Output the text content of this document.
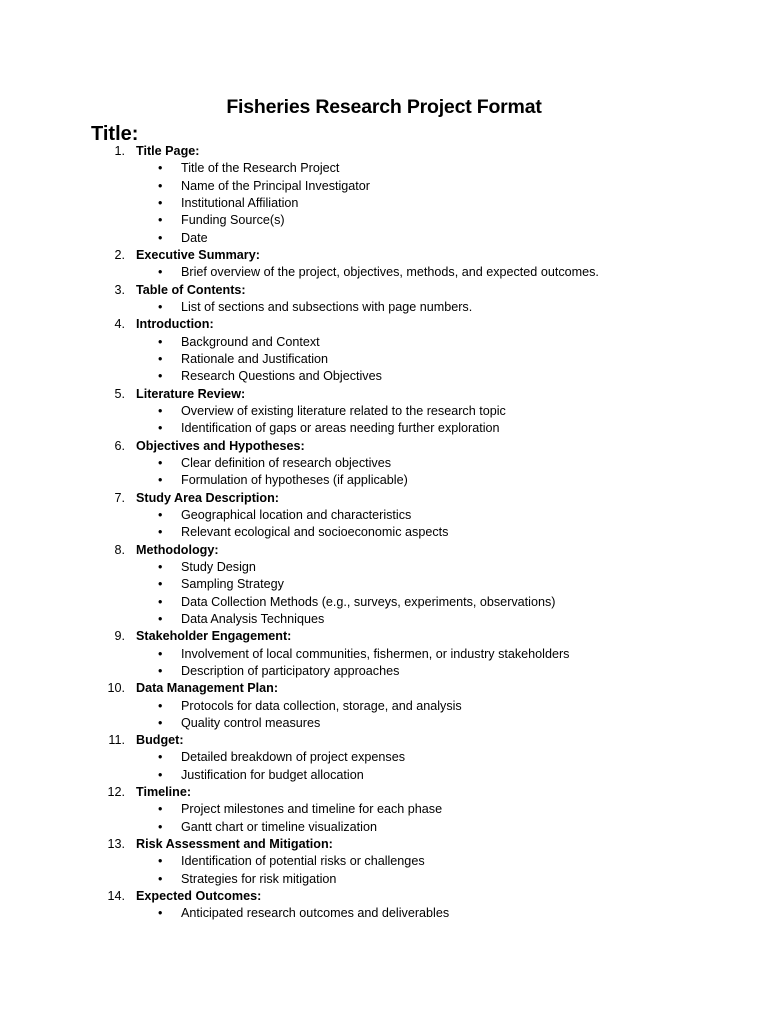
Fisheries Research Project Format
Title:
1. Title Page:
• Title of the Research Project
• Name of the Principal Investigator
• Institutional Affiliation
• Funding Source(s)
• Date
2. Executive Summary:
• Brief overview of the project, objectives, methods, and expected outcomes.
3. Table of Contents:
• List of sections and subsections with page numbers.
4. Introduction:
• Background and Context
• Rationale and Justification
• Research Questions and Objectives
5. Literature Review:
• Overview of existing literature related to the research topic
• Identification of gaps or areas needing further exploration
6. Objectives and Hypotheses:
• Clear definition of research objectives
• Formulation of hypotheses (if applicable)
7. Study Area Description:
• Geographical location and characteristics
• Relevant ecological and socioeconomic aspects
8. Methodology:
• Study Design
• Sampling Strategy
• Data Collection Methods (e.g., surveys, experiments, observations)
• Data Analysis Techniques
9. Stakeholder Engagement:
• Involvement of local communities, fishermen, or industry stakeholders
• Description of participatory approaches
10. Data Management Plan:
• Protocols for data collection, storage, and analysis
• Quality control measures
11. Budget:
• Detailed breakdown of project expenses
• Justification for budget allocation
12. Timeline:
• Project milestones and timeline for each phase
• Gantt chart or timeline visualization
13. Risk Assessment and Mitigation:
• Identification of potential risks or challenges
• Strategies for risk mitigation
14. Expected Outcomes:
• Anticipated research outcomes and deliverables
